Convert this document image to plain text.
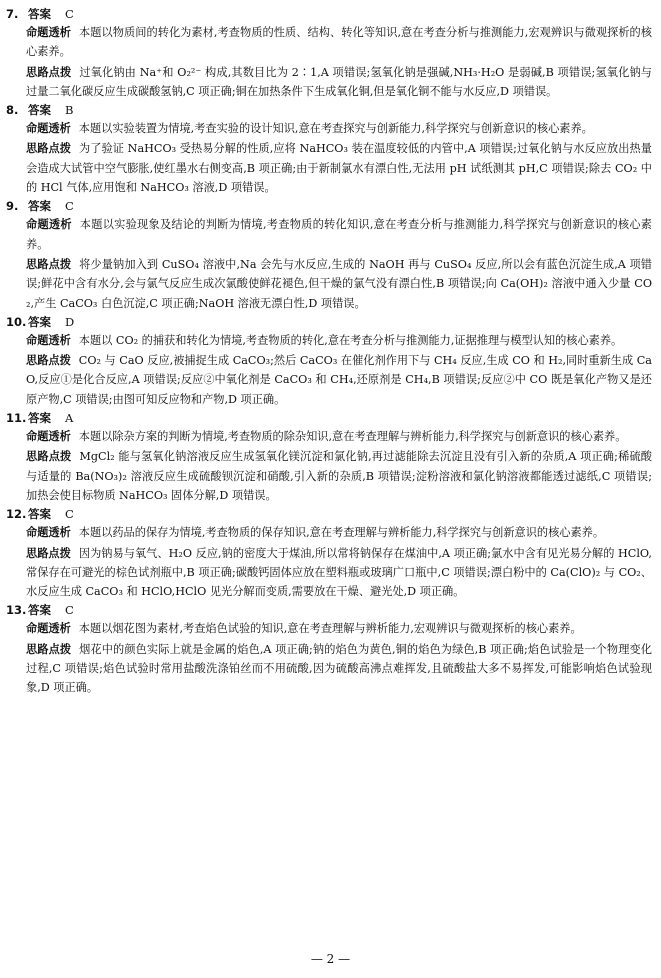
7. 答案 C

命题透析 本题以物质间的转化为素材,考查物质的性质、结构、转化等知识,意在考查分析与推测能力,宏观辨识与微观探析的核心素养。

思路点拨 过氧化钠由 Na⁺和 O₂²⁻ 构成,其数目比为 2∶1,A 项错误;氢氧化钠是强碱,NH₃·H₂O 是弱碱,B 项错误;氢氧化钠与过量二氧化碳反应生成碳酸氢钠,C 项正确;铜在加热条件下生成氧化铜,但是氧化铜不能与水反应,D 项错误。

8. 答案 B

命题透析 本题以实验装置为情境,考查实验的设计知识,意在考查探究与创新能力,科学探究与创新意识的核心素养。

思路点拨 为了验证 NaHCO₃ 受热易分解的性质,应将 NaHCO₃ 装在温度较低的内管中,A 项错误;过氧化钠与水反应放出热量会造成大试管中空气膨胀,使红墨水右侧变高,B 项正确;由于新制氯水有漂白性,无法用 pH 试纸测其 pH,C 项错误;除去 CO₂ 中的 HCl 气体,应用饱和 NaHCO₃ 溶液,D 项错误。

9. 答案 C

命题透析 本题以实验现象及结论的判断为情境,考查物质的转化知识,意在考查分析与推测能力,科学探究与创新意识的核心素养。

思路点拨 将少量钠加入到 CuSO₄ 溶液中,Na 会先与水反应,生成的 NaOH 再与 CuSO₄ 反应,所以会有蓝色沉淀生成,A 项错误;鲜花中含有水分,会与氯气反应生成次氯酸使鲜花褪色,但干燥的氯气没有漂白性,B 项错误;向 Ca(OH)₂ 溶液中通入少量 CO₂,产生 CaCO₃ 白色沉淀,C 项正确;NaOH 溶液无漂白性,D 项错误。

10. 答案 D

命题透析 本题以 CO₂ 的捕获和转化为情境,考查物质的转化,意在考查分析与推测能力,证据推理与模型认知的核心素养。

思路点拨 CO₂ 与 CaO 反应,被捕捉生成 CaCO₃;然后 CaCO₃ 在催化剂作用下与 CH₄ 反应,生成 CO 和 H₂,同时重新生成 CaO,反应①是化合反应,A 项错误;反应②中氧化剂是 CaCO₃ 和 CH₄,还原剂是 CH₄,B 项错误;反应②中 CO 既是氧化产物又是还原产物,C 项错误;由图可知反应物和产物,D 项正确。

11. 答案 A

命题透析 本题以除杂方案的判断为情境,考查物质的除杂知识,意在考查理解与辨析能力,科学探究与创新意识的核心素养。

思路点拨 MgCl₂ 能与氢氧化钠溶液反应生成氢氧化镁沉淀和氯化钠,再过滤能除去沉淀且没有引入新的杂质,A 项正确;稀硫酸与适量的 Ba(NO₃)₂ 溶液反应生成硫酸钡沉淀和硝酸,引入新的杂质,B 项错误;淀粉溶液和氯化钠溶液都能透过滤纸,C 项错误;加热会使目标物质 NaHCO₃ 固体分解,D 项错误。

12. 答案 C

命题透析 本题以药品的保存为情境,考查物质的保存知识,意在考查理解与辨析能力,科学探究与创新意识的核心素养。

思路点拨 因为钠易与氧气、H₂O 反应,钠的密度大于煤油,所以常将钠保存在煤油中,A 项正确;氯水中含有见光易分解的 HClO,常保存在可避光的棕色试剂瓶中,B 项正确;碳酸钙固体应放在塑料瓶或玻璃广口瓶中,C 项错误;漂白粉中的 Ca(ClO)₂ 与 CO₂、水反应生成 CaCO₃ 和 HClO,HClO 见光分解而变质,需要放在干燥、避光处,D 项正确。

13. 答案 C

命题透析 本题以烟花图为素材,考查焰色试验的知识,意在考查理解与辨析能力,宏观辨识与微观探析的核心素养。

思路点拨 烟花中的颜色实际上就是金属的焰色,A 项正确;钠的焰色为黄色,铜的焰色为绿色,B 项正确;焰色试验是一个物理变化过程,C 项错误;焰色试验时常用盐酸洗涤铂丝而不用硫酸,因为硫酸高沸点难挥发,且硫酸盐大多不易挥发,可能影响焰色试验现象,D 项正确。

— 2 —
